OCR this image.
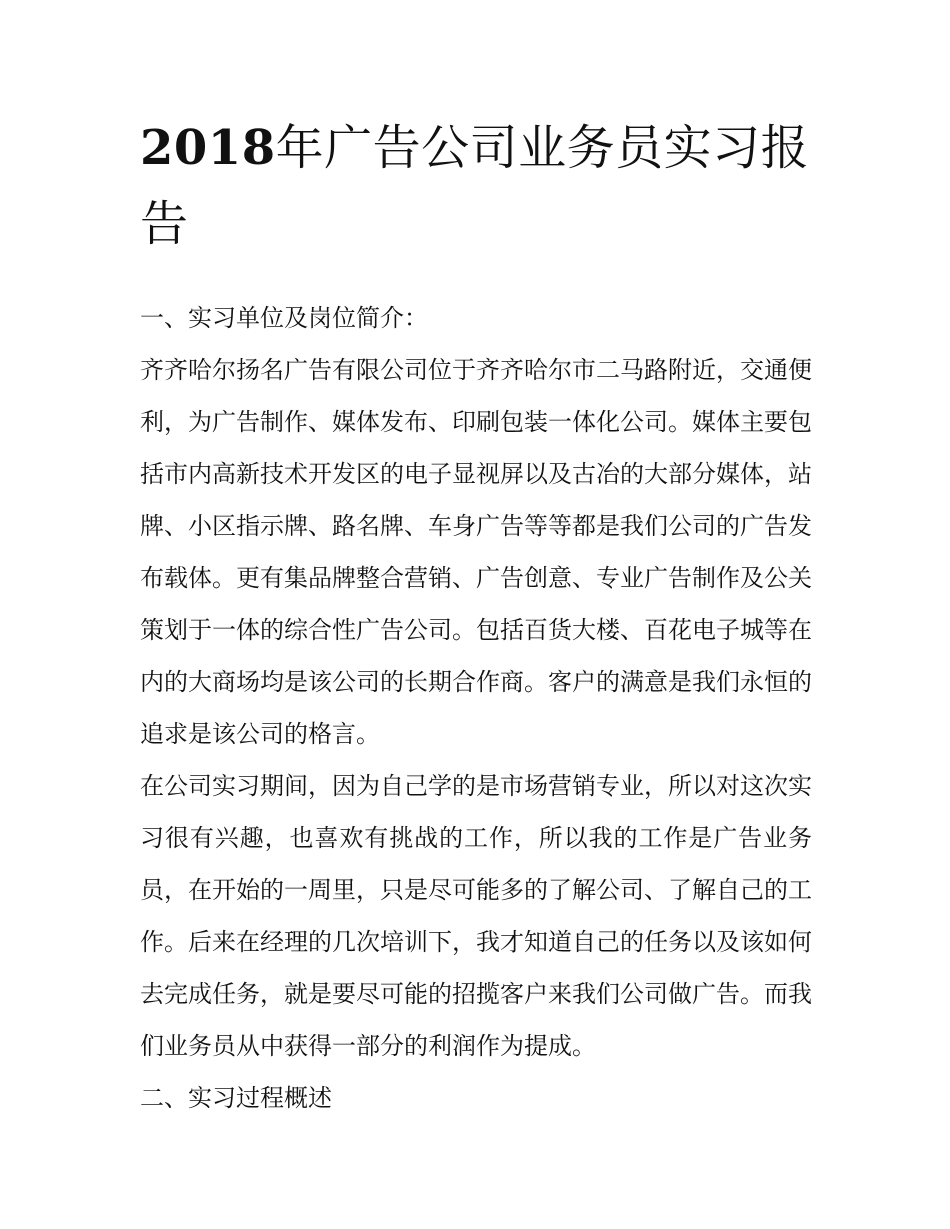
2018年广告公司业务员实习报告

一、实习单位及岗位简介：

齐齐哈尔扬名广告有限公司位于齐齐哈尔市二马路附近，交通便利，为广告制作、媒体发布、印刷包装一体化公司。媒体主要包括市内高新技术开发区的电子显视屏以及古冶的大部分媒体，站牌、小区指示牌、路名牌、车身广告等等都是我们公司的广告发布载体。更有集品牌整合营销、广告创意、专业广告制作及公关策划于一体的综合性广告公司。包括百货大楼、百花电子城等在内的大商场均是该公司的长期合作商。客户的满意是我们永恒的追求是该公司的格言。

在公司实习期间，因为自己学的是市场营销专业，所以对这次实习很有兴趣，也喜欢有挑战的工作，所以我的工作是广告业务员，在开始的一周里，只是尽可能多的了解公司、了解自己的工作。后来在经理的几次培训下，我才知道自己的任务以及该如何去完成任务，就是要尽可能的招揽客户来我们公司做广告。而我们业务员从中获得一部分的利润作为提成。

二、实习过程概述
